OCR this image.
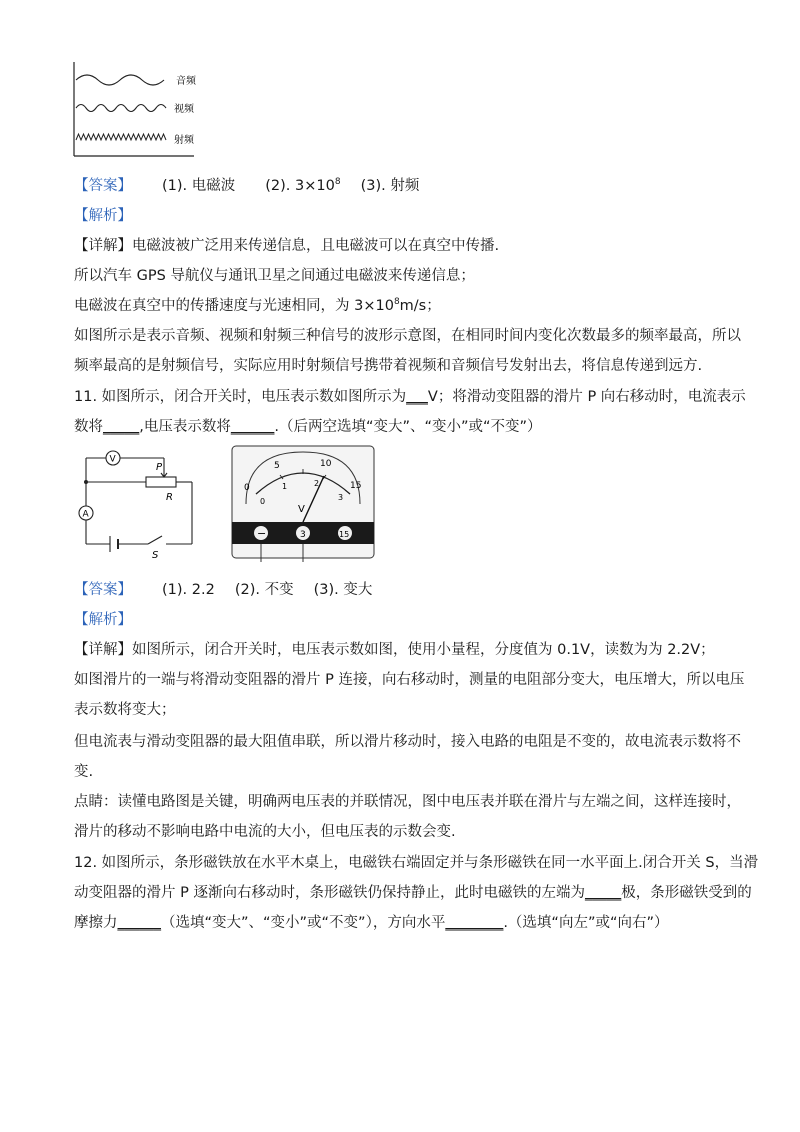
音频
视频
射频
【答案】 (1). 电磁波 (2). $3\times 10^8$ (3). 射频
【解析】
【详解】电磁波被广泛用来传递信息，且电磁波可以在真空中传播.
所以汽车 GPS 导航仪与通讯卫星之间通过电磁波来传递信息；
电磁波在真空中的传播速度与光速相同，为 $3\times 10^8m/s$；
如图所示是表示音频、视频和射频三种信号的波形示意图，在相同时间内变化次数最多的频率最高，所以
频率最高的是射频信号，实际应用时射频信号携带着视频和音频信号发射出去，将信息传递到远方.
11. 如图所示，闭合开关时，电压表示数如图所示为___V；将滑动变阻器的滑片 P 向右移动时，电流表示
数将_____,电压表示数将______.（后两空选填“变大”、“变小”或“不变”）
V
P
R
A
S
0
5	10
15
0
1	2
3
V
−	3	15
【答案】 (1). 2.2 (2). 不变 (3). 变大
【解析】
【详解】如图所示，闭合开关时，电压表示数如图，使用小量程，分度值为 0.1V，读数为为 2.2V；
如图滑片的一端与将滑动变阻器的滑片 P 连接，向右移动时，测量的电阻部分变大，电压增大，所以电压
表示数将变大；
但电流表与滑动变阻器的最大阻值串联，所以滑片移动时，接入电路的电阻是不变的，故电流表示数将不
变.
点睛：读懂电路图是关键，明确两电压表的并联情况，图中电压表并联在滑片与左端之间，这样连接时，
滑片的移动不影响电路中电流的大小，但电压表的示数会变.
12. 如图所示，条形磁铁放在水平木桌上，电磁铁右端固定并与条形磁铁在同一水平面上.闭合开关 S，当滑
动变阻器的滑片 P 逐渐向右移动时，条形磁铁仍保持静止，此时电磁铁的左端为_____极，条形磁铁受到的
摩擦力______（选填“变大”、“变小”或“不变”），方向水平________.（选填“向左”或“向右”）
